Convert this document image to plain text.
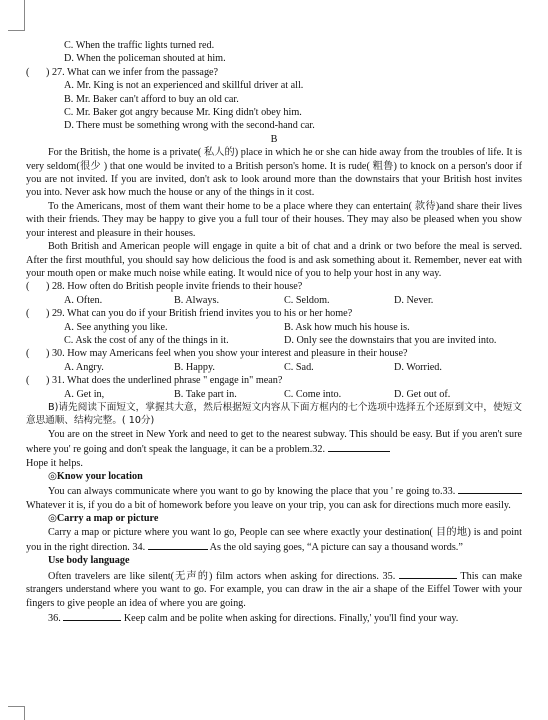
C. When the traffic lights turned red.

D. When the policeman shouted at him.

(	) 27. What can we infer from the passage?

A. Mr. King is not an experienced and skillful driver at all.

B. Mr. Baker can't afford to buy an old car.

C. Mr. Baker got angry because Mr. King didn't obey him.

D. There must be something wrong with the second-hand car.

B

For the British, the home is a private( 私人的) place in which he or she can hide away from the troubles of life. It is very seldom(很少 ) that one would be invited to a British person's home. It is rude( 粗鲁) to knock on a person's door if you are not invited. If you are invited, don't ask to look around more than the downstairs that your British host invites you into. Never ask how much the house or any of the things in it cost.

To the Americans, most of them want their home to be a place where they can entertain( 款待)and share their lives with their friends. They may be happy to give you a full tour of their houses. They may also be pleased when you show your interest and pleasure in their houses.

Both British and American people will engage in quite a bit of chat and a drink or two before the meal is served. After the first mouthful, you should say how delicious the food is and ask something about it. Remember, never eat with your mouth open or make much noise while eating. It would nice of you to help your host in any way.

(	) 28. How often do British people invite friends to their house?
A. Often.	B. Always.	C. Seldom.	D. Never.
(	) 29. What can you do if your British friend invites you to his or her home?
A. See anything you like.	B. Ask how much his house is.
C. Ask the cost of any of the things in it.	D. Only see the downstairs that you are invited into.
(	) 30. How may Americans feel when you show your interest and pleasure in their house?
A. Angry.	B. Happy.	C. Sad.	D. Worried.
(	) 31. What does the underlined phrase " engage in" mean?
A. Get in,	B. Take part in.	C. Come into.	D. Get out of.

B)请先阅读下面短文，掌握其大意，然后根据短文内容从下面方框内的七个选项中选择五个还原到文中，使短文意思通顺、结构完整。( 10分)

You are on the street in New York and need to get to the nearest subway. This should be easy. But if you aren't sure where you' re going and don't speak the language, it can be a problem.32.
Hope it helps.

◎Know your location

You can always communicate where you want to go by knowing the place that you ' re going to.33.  Whatever it is, if you do a bit of homework before you leave on your trip, you can ask for directions much more easily.

◎Carry a map or picture

Carry a map or picture where you want lo go, People can see where exactly your destination( 目的地) is and point you in the right direction. 34.	As the old saying goes, “A picture can say a thousand words.”

Use body language

Often travelers are like silent(无声的) film actors when asking for directions. 35.	This can make strangers understand where you want to go. For example, you can draw in the air a shape of the Eiffel Tower with your fingers to give people an idea of where you are going.

36.	Keep calm and be polite when asking for directions. Finally,' you'll find your way.
